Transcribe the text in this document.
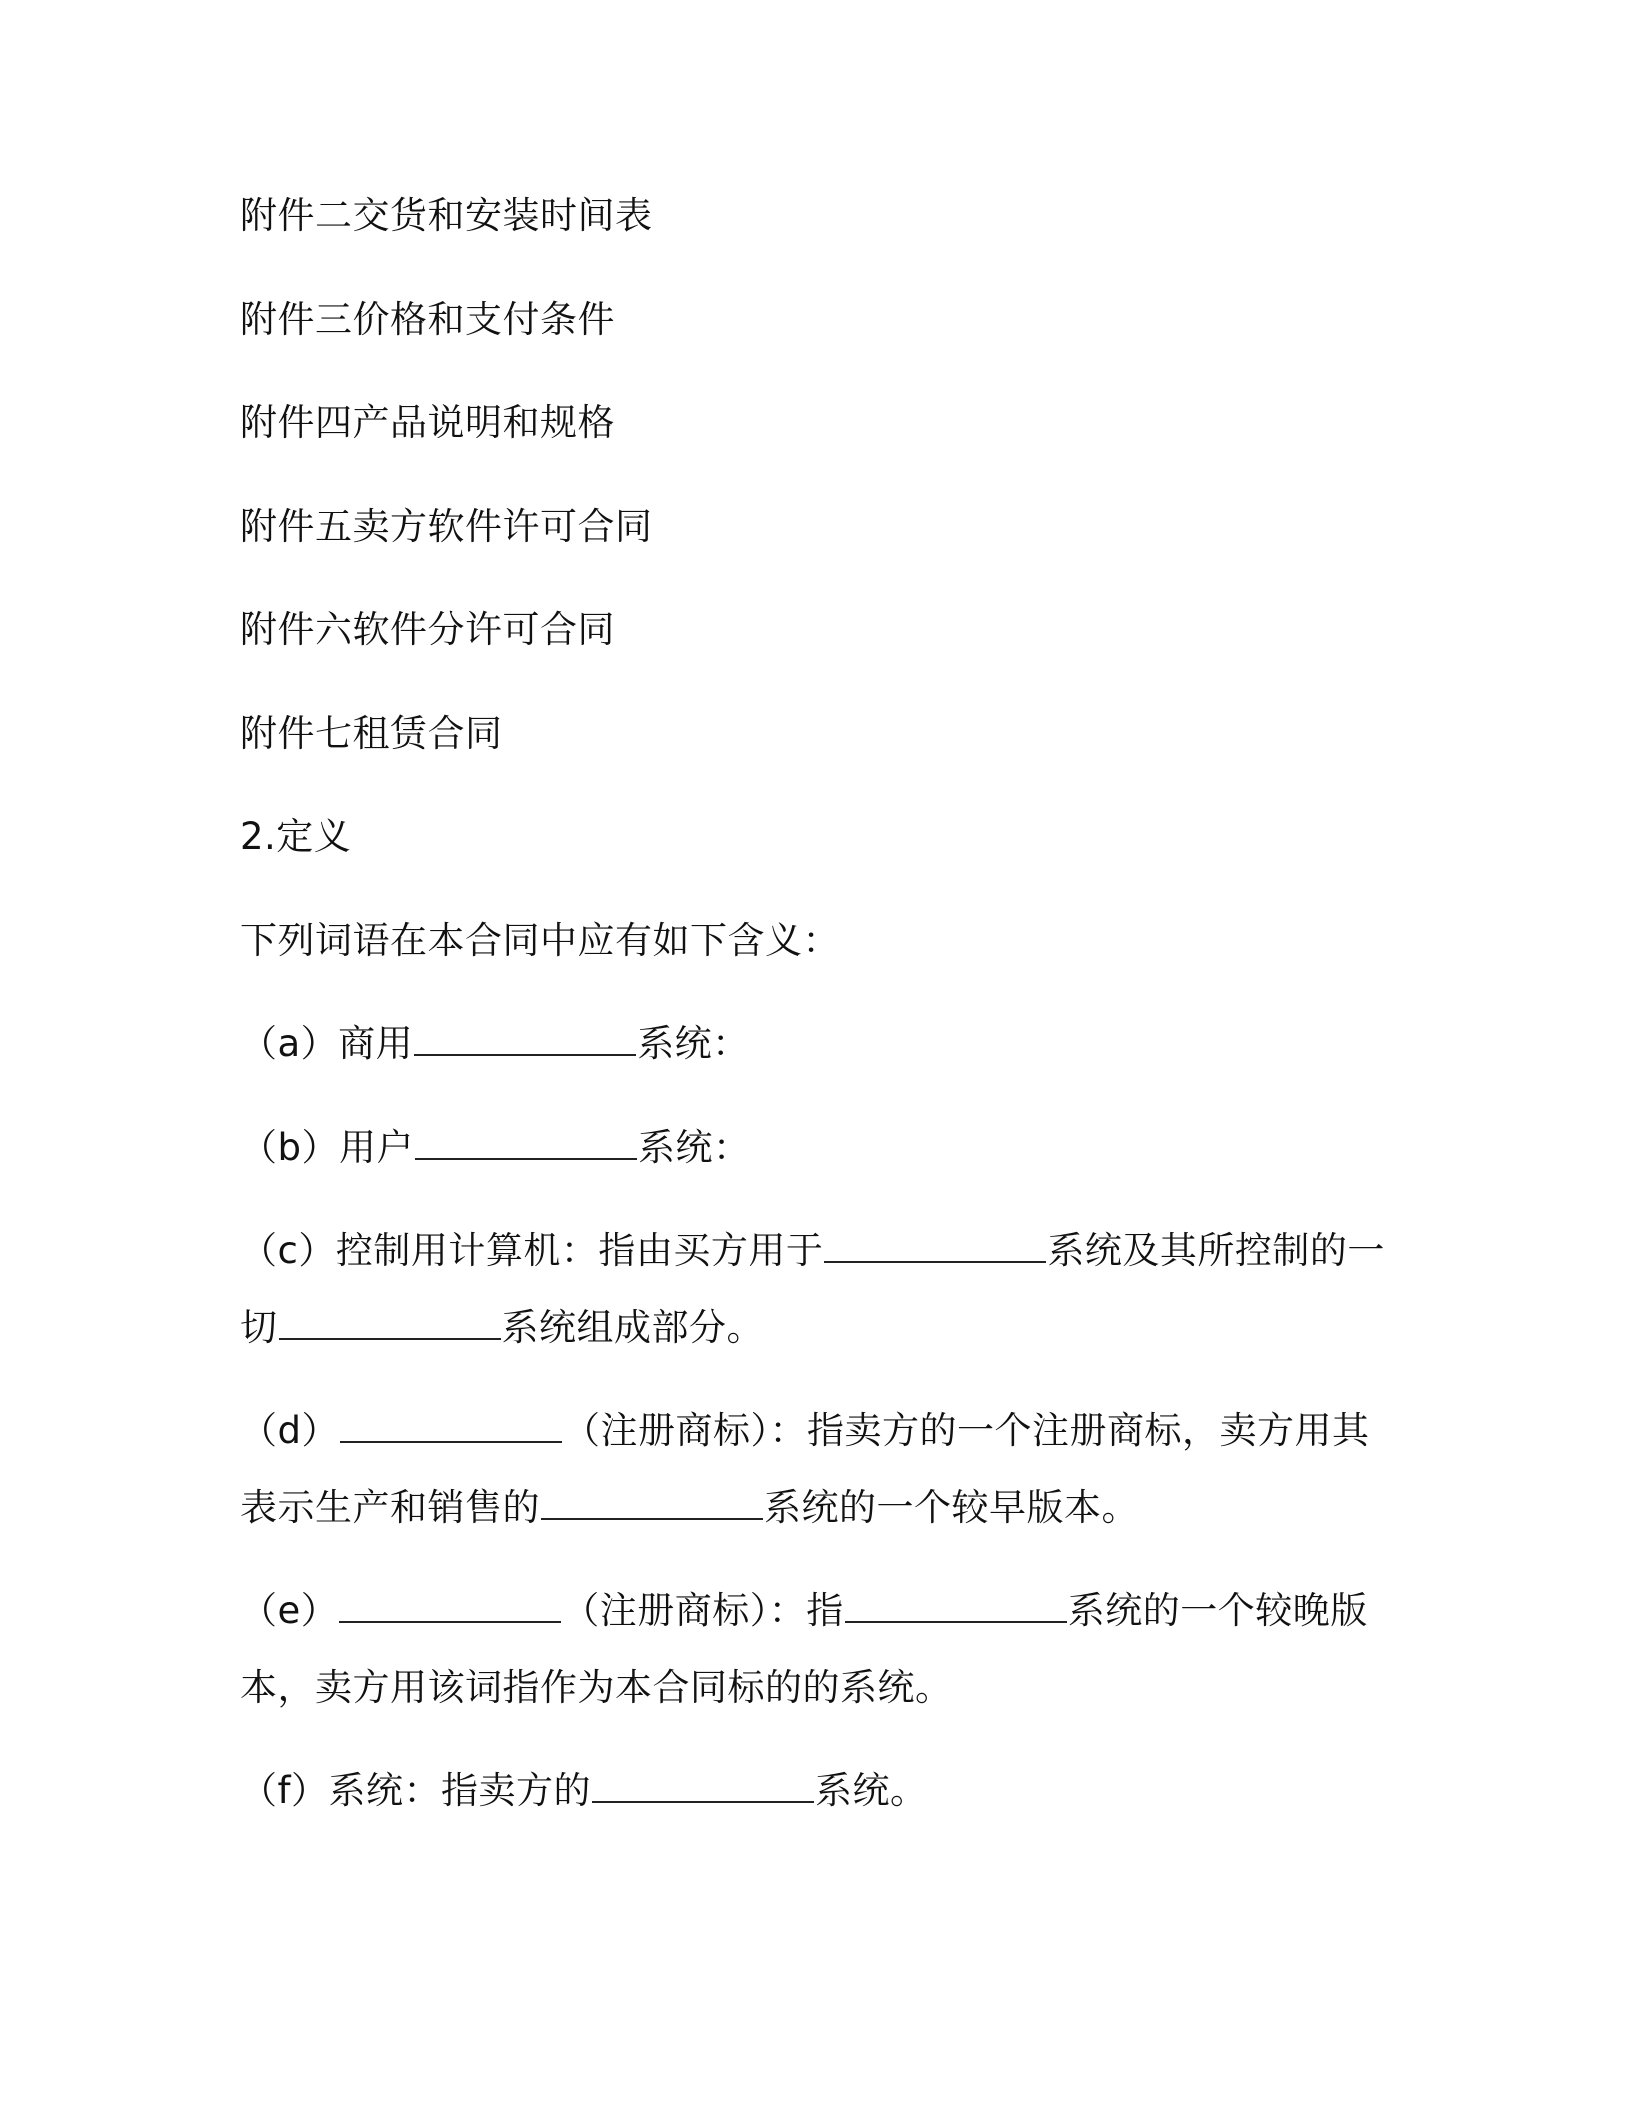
附件二交货和安装时间表
附件三价格和支付条件
附件四产品说明和规格
附件五卖方软件许可合同
附件六软件分许可合同
附件七租赁合同
2.定义
下列词语在本合同中应有如下含义：
（a）商用	系统：
（b）用户	系统：
（c）控制用计算机：指由买方用于	系统及其所控制的一
切	系统组成部分。
（d）	（注册商标）：指卖方的一个注册商标，卖方用其
表示生产和销售的	系统的一个较早版本。
（e）	（注册商标）：指	系统的一个较晚版
本，卖方用该词指作为本合同标的的系统。
（f）系统：指卖方的	系统。
